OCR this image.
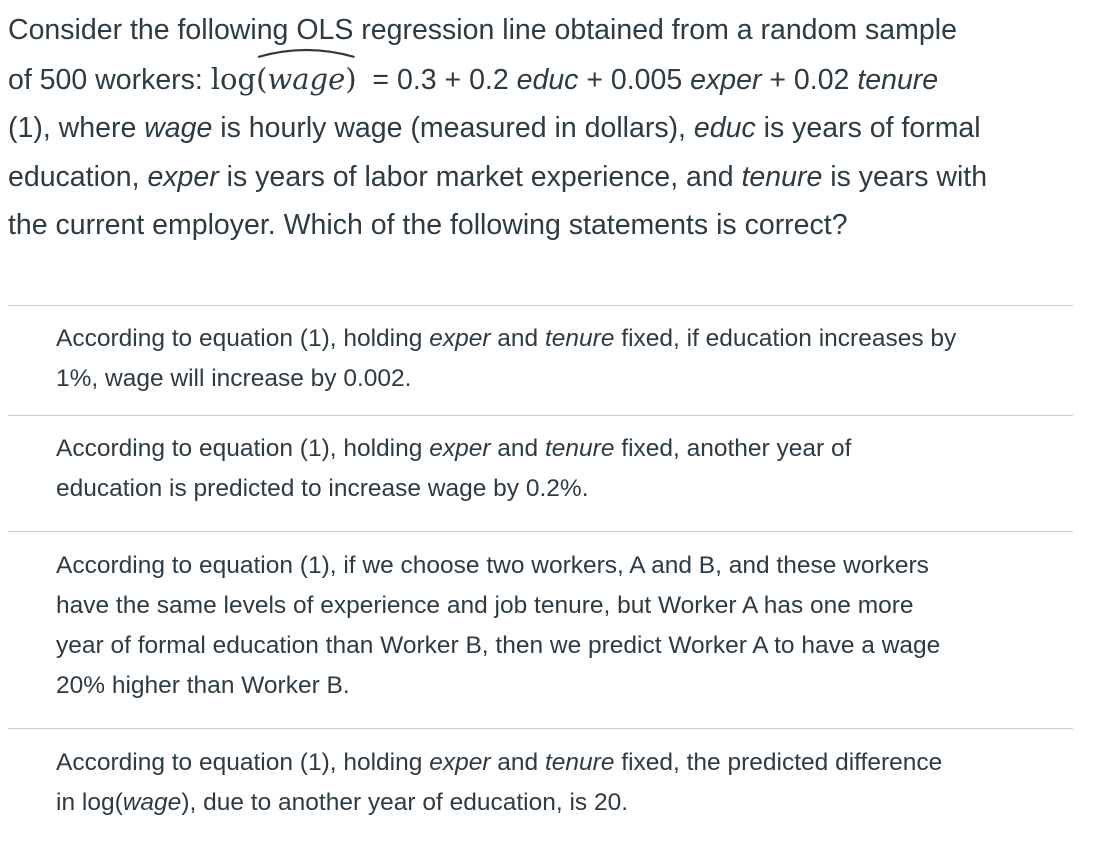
Consider the following OLS regression line obtained from a random sample

of 500 workers: log
(wage) = 0.3 + 0.2 educ + 0.005 exper + 0.02 tenure

(1), where wage is hourly wage (measured in dollars), educ is years of formal

education, exper is years of labor market experience, and tenure is years with

the current employer. Which of the following statements is correct?

According to equation (1), holding exper and tenure fixed, if education increases by
1%, wage will increase by 0.002.
According to equation (1), holding exper and tenure fixed, another year of
education is predicted to increase wage by 0.2%.
According to equation (1), if we choose two workers, A and B, and these workers
have the same levels of experience and job tenure, but Worker A has one more
year of formal education than Worker B, then we predict Worker A to have a wage
20% higher than Worker B.
According to equation (1), holding exper and tenure fixed, the predicted difference
in log(wage), due to another year of education, is 20.
